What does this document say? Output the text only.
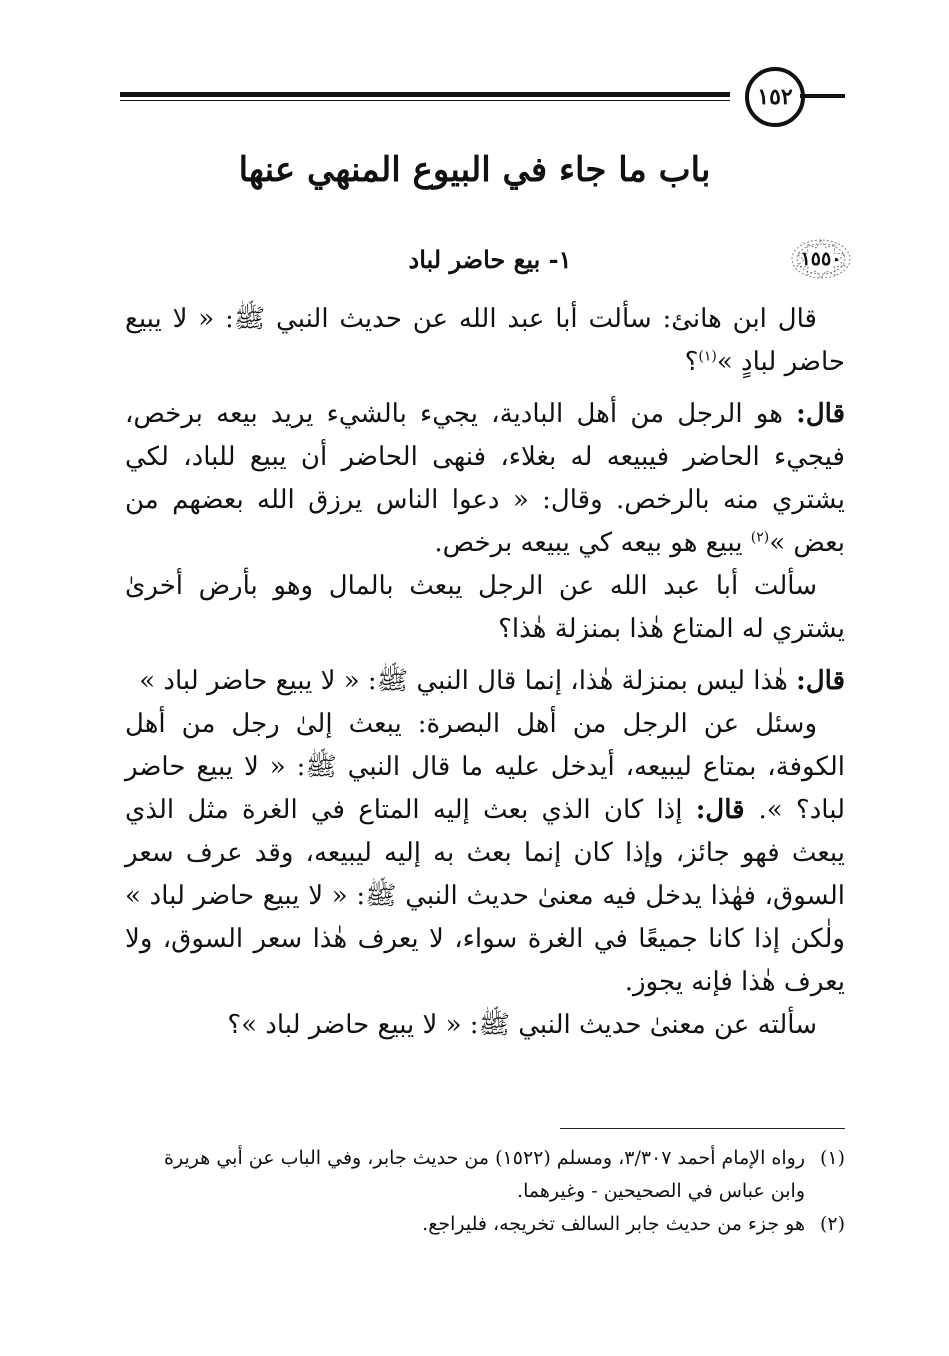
١٥٢
باب ما جاء في البيوع المنهي عنها
١٥٥٠
١- بيع حاضر لباد

قال ابن هانئ: سألت أبا عبد الله عن حديث النبي ﷺ: « لا يبيع حاضر لبادٍ »$^{(١)}$؟

قال: هو الرجل من أهل البادية، يجيء بالشيء يريد بيعه برخص، فيجيء الحاضر فيبيعه له بغلاء، فنهى الحاضر أن يبيع للباد، لكي يشتري منه بالرخص. وقال: « دعوا الناس يرزق الله بعضهم من بعض »$^{(٢)}$ يبيع هو بيعه كي يبيعه برخص.

سألت أبا عبد الله عن الرجل يبعث بالمال وهو بأرض أخرىٰ يشتري له المتاع هٰذا بمنزلة هٰذا؟

قال: هٰذا ليس بمنزلة هٰذا، إنما قال النبي ﷺ: « لا يبيع حاضر لباد »

وسئل عن الرجل من أهل البصرة: يبعث إلىٰ رجل من أهل الكوفة، بمتاع ليبيعه، أيدخل عليه ما قال النبي ﷺ: « لا يبيع حاضر لباد؟ ». قال: إذا كان الذي بعث إليه المتاع في الغرة مثل الذي يبعث فهو جائز، وإذا كان إنما بعث به إليه ليبيعه، وقد عرف سعر السوق، فهٰذا يدخل فيه معنىٰ حديث النبي ﷺ: « لا يبيع حاضر لباد » ولٰكن إذا كانا جميعًا في الغرة سواء، لا يعرف هٰذا سعر السوق، ولا يعرف هٰذا فإنه يجوز.

سألته عن معنىٰ حديث النبي ﷺ: « لا يبيع حاضر لباد »؟

(١)
رواه الإمام أحمد ٣/٣٠٧، ومسلم (١٥٢٢) من حديث جابر، وفي الباب عن أبي هريرة وابن عباس في الصحيحين - وغيرهما.
(٢)
هو جزء من حديث جابر السالف تخريجه، فليراجع.
